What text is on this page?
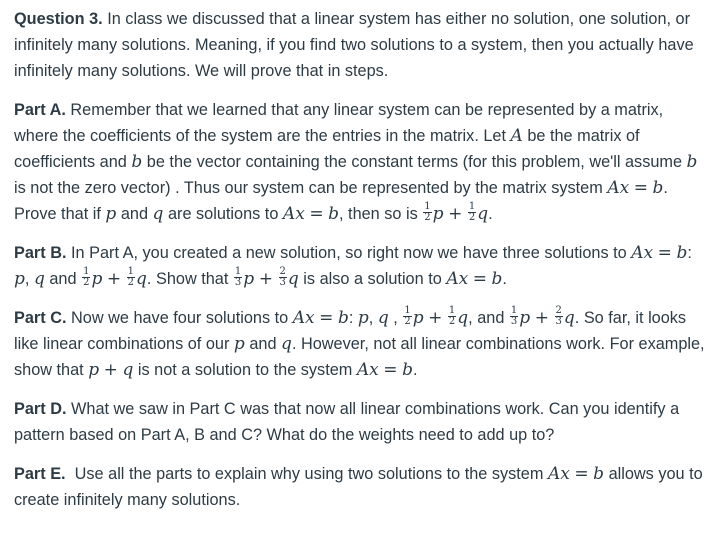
Question 3. In class we discussed that a linear system has either no solution, one solution, or infinitely many solutions. Meaning, if you find two solutions to a system, then you actually have infinitely many solutions. We will prove that in steps.

Part A. Remember that we learned that any linear system can be represented by a matrix, where the coefficients of the system are the entries in the matrix. Let A be the matrix of coefficients and b be the vector containing the constant terms (for this problem, we'll assume b is not the zero vector) . Thus our system can be represented by the matrix system Ax = b. Prove that if p and q are solutions to Ax = b, then so is $\frac{1}{2}$ $p + \frac{1}{2} q$.

Part B. In Part A, you created a new solution, so right now we have three solutions to Ax = b: p, q and $\frac{1}{2}$ $p + \frac{1}{2} q$. Show that $\frac{1}{3}$ $p + \frac{2}{3}$ q is also a solution to Ax = b.

Part C. Now we have four solutions to Ax = b: p, q , $\frac{1}{2}$ $p + \frac{1}{2} q$, and $\frac{1}{3}$ $p + \frac{2}{3} q$. So far, it looks like linear combinations of our p and q. However, not all linear combinations work. For example, show that p + q is not a solution to the system Ax = b.

Part D. What we saw in Part C was that now all linear combinations work. Can you identify a pattern based on Part A, B and C? What do the weights need to add up to?

Part E. Use all the parts to explain why using two solutions to the system Ax = b allows you to create infinitely many solutions.
